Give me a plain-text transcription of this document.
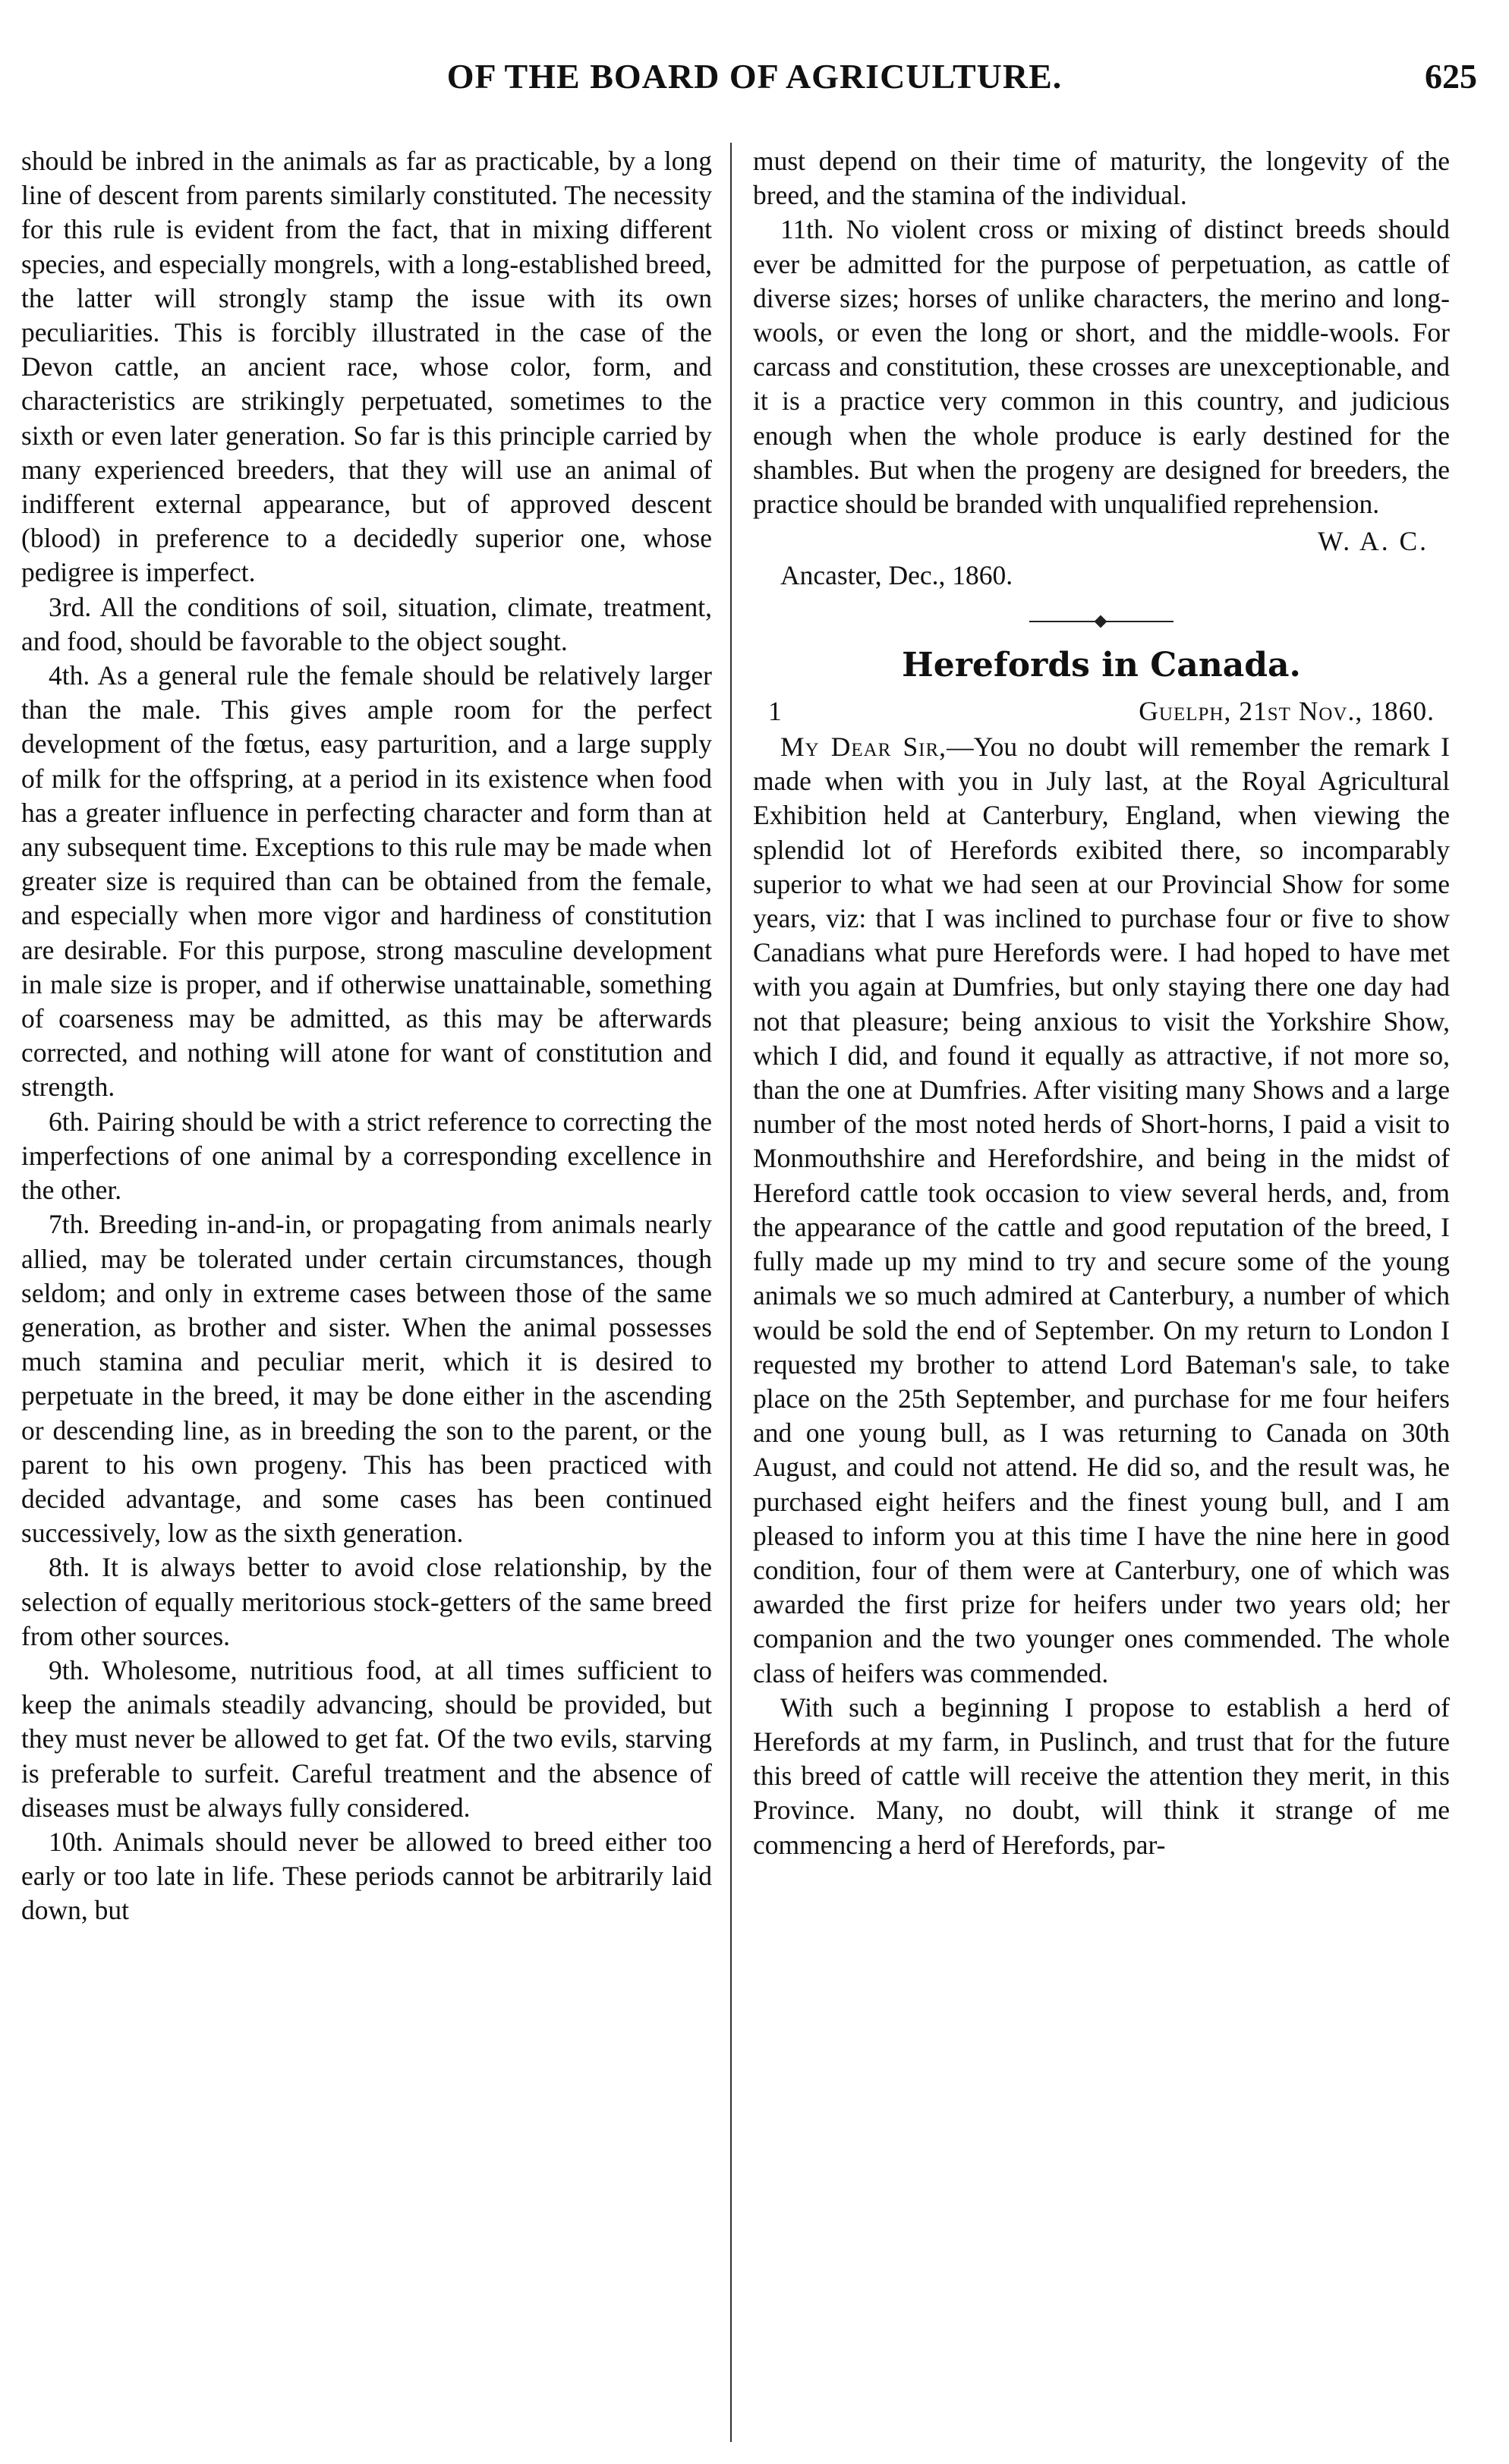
OF THE BOARD OF AGRICULTURE.	625

should be inbred in the animals as far as practicable, by a long line of descent from parents similarly constituted. The necessity for this rule is evident from the fact, that in mixing different species, and especially mongrels, with a long-established breed, the latter will strongly stamp the issue with its own peculiarities. This is forcibly illustrated in the case of the Devon cattle, an ancient race, whose color, form, and characteristics are strikingly perpetuated, sometimes to the sixth or even later generation. So far is this principle carried by many experienced breeders, that they will use an animal of indifferent external appearance, but of approved descent (blood) in preference to a decidedly superior one, whose pedigree is imperfect.

3rd. All the conditions of soil, situation, climate, treatment, and food, should be favorable to the object sought.

4th. As a general rule the female should be relatively larger than the male. This gives ample room for the perfect development of the fœtus, easy parturition, and a large supply of milk for the offspring, at a period in its existence when food has a greater influence in perfecting character and form than at any subsequent time. Exceptions to this rule may be made when greater size is required than can be obtained from the female, and especially when more vigor and hardiness of constitution are desirable. For this purpose, strong masculine development in male size is proper, and if otherwise unattainable, something of coarseness may be admitted, as this may be afterwards corrected, and nothing will atone for want of constitution and strength.

6th. Pairing should be with a strict reference to correcting the imperfections of one animal by a corresponding excellence in the other.

7th. Breeding in-and-in, or propagating from animals nearly allied, may be tolerated under certain circumstances, though seldom; and only in extreme cases between those of the same generation, as brother and sister. When the animal possesses much stamina and peculiar merit, which it is desired to perpetuate in the breed, it may be done either in the ascending or descending line, as in breeding the son to the parent, or the parent to his own progeny. This has been practiced with decided advantage, and some cases has been continued successively, low as the sixth generation.

8th. It is always better to avoid close relationship, by the selection of equally meritorious stock-getters of the same breed from other sources.

9th. Wholesome, nutritious food, at all times sufficient to keep the animals steadily advancing, should be provided, but they must never be allowed to get fat. Of the two evils, starving is preferable to surfeit. Careful treatment and the absence of diseases must be always fully considered.

10th. Animals should never be allowed to breed either too early or too late in life. These periods cannot be arbitrarily laid down, but

must depend on their time of maturity, the longevity of the breed, and the stamina of the individual.

11th. No violent cross or mixing of distinct breeds should ever be admitted for the purpose of perpetuation, as cattle of diverse sizes; horses of unlike characters, the merino and long-wools, or even the long or short, and the middle-wools. For carcass and constitution, these crosses are unexceptionable, and it is a practice very common in this country, and judicious enough when the whole produce is early destined for the shambles. But when the progeny are designed for breeders, the practice should be branded with unqualified reprehension.

W. A. C.

Ancaster, Dec., 1860.

Herefords in Canada.

1	Guelph, 21st Nov., 1860.

My Dear Sir,—You no doubt will remember the remark I made when with you in July last, at the Royal Agricultural Exhibition held at Canterbury, England, when viewing the splendid lot of Herefords exibited there, so incomparably superior to what we had seen at our Provincial Show for some years, viz: that I was inclined to purchase four or five to show Canadians what pure Herefords were. I had hoped to have met with you again at Dumfries, but only staying there one day had not that pleasure; being anxious to visit the Yorkshire Show, which I did, and found it equally as attractive, if not more so, than the one at Dumfries. After visiting many Shows and a large number of the most noted herds of Short-horns, I paid a visit to Monmouthshire and Herefordshire, and being in the midst of Hereford cattle took occasion to view several herds, and, from the appearance of the cattle and good reputation of the breed, I fully made up my mind to try and secure some of the young animals we so much admired at Canterbury, a number of which would be sold the end of September. On my return to London I requested my brother to attend Lord Bateman's sale, to take place on the 25th September, and purchase for me four heifers and one young bull, as I was returning to Canada on 30th August, and could not attend. He did so, and the result was, he purchased eight heifers and the finest young bull, and I am pleased to inform you at this time I have the nine here in good condition, four of them were at Canterbury, one of which was awarded the first prize for heifers under two years old; her companion and the two younger ones commended. The whole class of heifers was commended.

With such a beginning I propose to establish a herd of Herefords at my farm, in Puslinch, and trust that for the future this breed of cattle will receive the attention they merit, in this Province. Many, no doubt, will think it strange of me commencing a herd of Herefords, par-
